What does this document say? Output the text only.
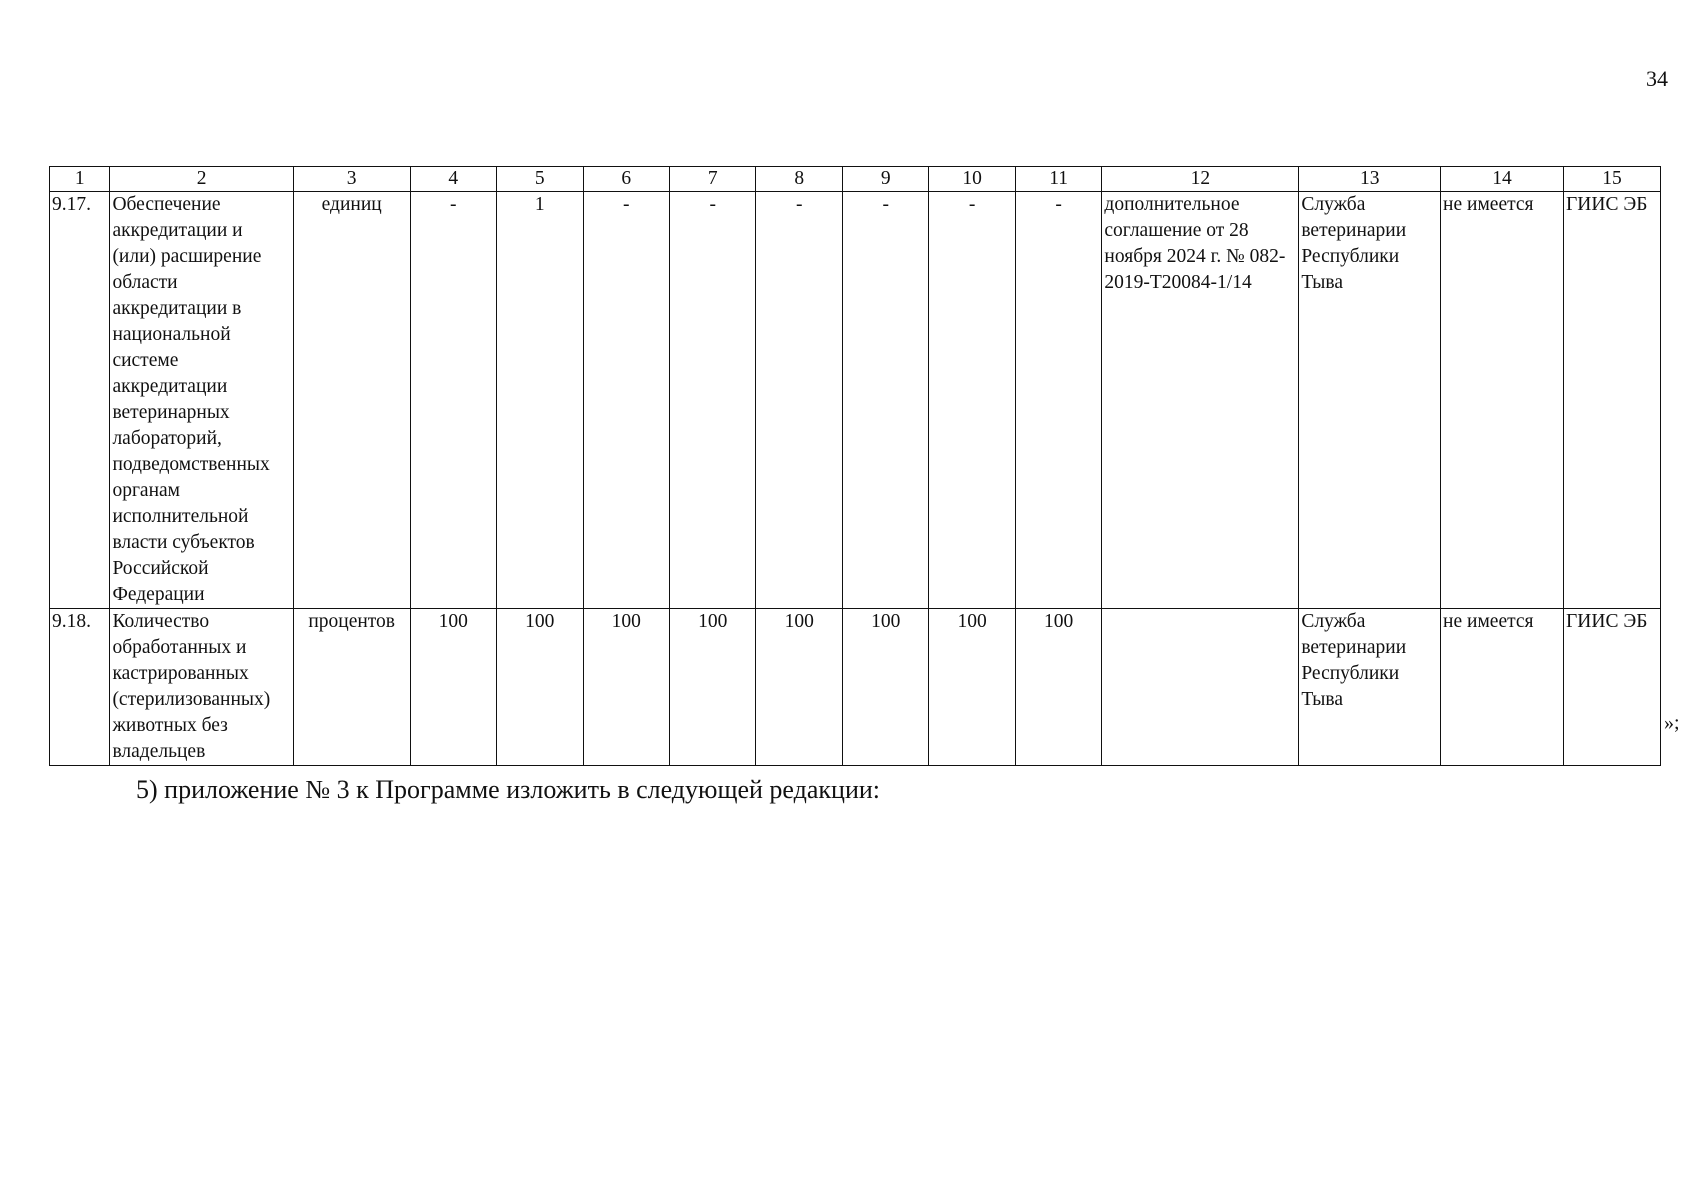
34
1	2	3	4	5	6	7	8	9	10	11	12	13	14	15
9.17.	Обеспечение аккредитации и (или) расширение области аккредитации в национальной системе аккредитации ветеринарных лабораторий, подведомственных органам исполнительной власти субъектов Российской Федерации	единиц	-	1	-	-	-	-	-	-	дополнительное соглашение от 28 ноября 2024 г. № 082-2019-Т20084-1/14	Служба ветеринарии Республики Тыва	не имеется	ГИИС ЭБ
9.18.	Количество обработанных и кастрированных (стерилизованных) животных без владельцев	процентов	100	100	100	100	100	100	100	100		Служба ветеринарии Республики Тыва	не имеется	ГИИС ЭБ
»;
5) приложение № 3 к Программе изложить в следующей редакции:
